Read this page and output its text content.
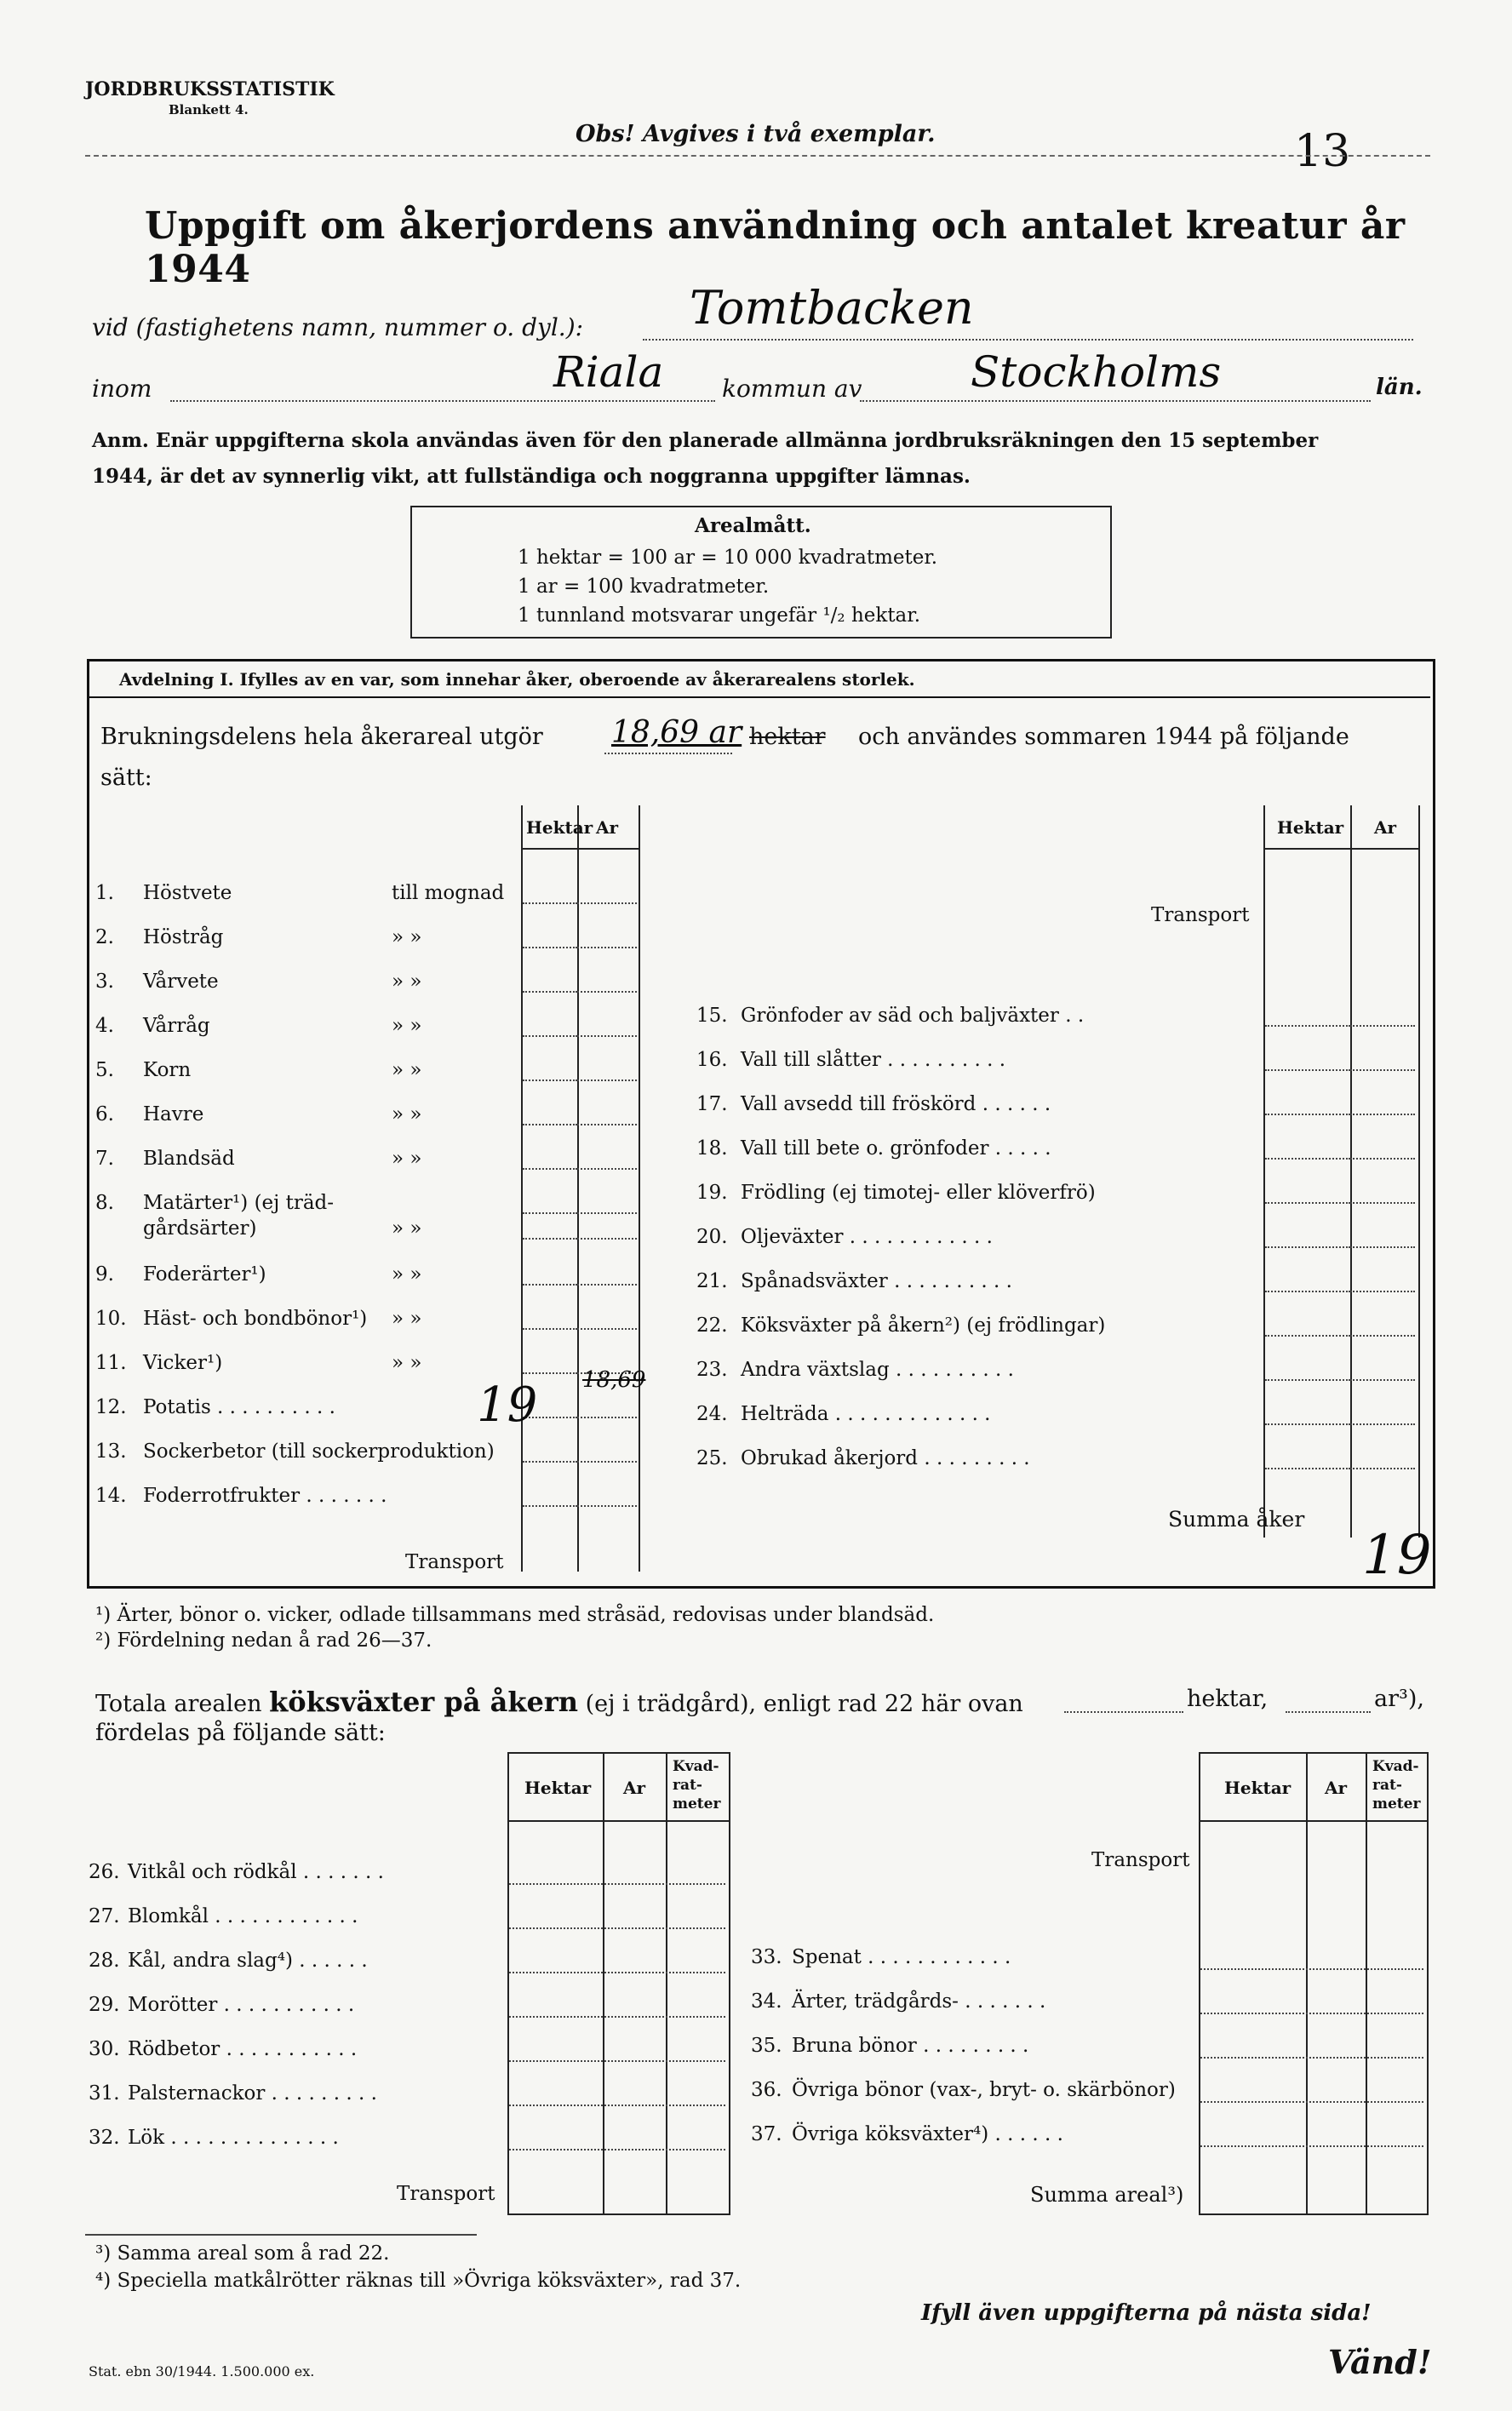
JORDBRUKSSTATISTIK
Blankett 4.
Obs! Avgives i två exemplar.	13
Uppgift om åkerjordens användning och antalet kreatur år 1944
vid (fastighetens namn, nummer o. dyl.): Tomtbacken
inom	Riala kommun av	Stockholms	län.
Anm. Enär uppgifterna skola användas även för den planerade allmänna jordbruksräkningen den 15 september
1944, är det av synnerlig vikt, att fullständiga och noggranna uppgifter lämnas.
Arealmått.
1 hektar = 100 ar = 10 000 kvadratmeter.
1 ar = 100 kvadratmeter.
1 tunnland motsvarar ungefär ¹/₂ hektar.
Avdelning I. Ifylles av en var, som innehar åker, oberoende av åkerarealens storlek.
Brukningsdelens hela åkerareal utgör 18,69 ar hektar och användes sommaren 1944 på följande
sätt:
Hektar Ar
1. Höstvete	till mognad
2. Höstråg	» »
3. Vårvete	» »
4. Vårråg	» »
5. Korn	» »
6. Havre	» »
7. Blandsäd	» »
8. Matärter¹) (ej träd-
gårdsärter)	» »
9. Foderärter¹)	» »
10. Häst- och bondbönor¹) » »
11. Vicker¹)	» »
12. Potatis . . . . . . . . . .	19
13. Sockerbetor (till sockerproduktion)
14. Foderrotfrukter . . . . . . .
18,69
Transport
Hektar Ar
Transport
15. Grönfoder av säd och baljväxter . .
16. Vall till slåtter . . . . . . . . . .
17. Vall avsedd till fröskörd . . . . . .
18. Vall till bete o. grönfoder . . . . .
19. Frödling (ej timotej- eller klöverfrö)
20. Oljeväxter . . . . . . . . . . . .
21. Spånadsväxter . . . . . . . . . .
22. Köksväxter på åkern²) (ej frödlingar)
23. Andra växtslag . . . . . . . . . .
24. Helträda . . . . . . . . . . . . .
25. Obrukad åkerjord . . . . . . . . .
Summa åker
19
¹) Ärter, bönor o. vicker, odlade tillsammans med stråsäd, redovisas under blandsäd.
²) Fördelning nedan å rad 26—37.
Totala arealen köksväxter på åkern (ej i trädgård), enligt rad 22 här ovan	hektar,	ar³),
fördelas på följande sätt:
Hektar Ar
Kvad-
rat-
meter
26. Vitkål och rödkål . . . . . . .
27. Blomkål . . . . . . . . . . . .
28. Kål, andra slag⁴) . . . . . .
29. Morötter . . . . . . . . . . .
30. Rödbetor . . . . . . . . . . .
31. Palsternackor . . . . . . . . .
32. Lök . . . . . . . . . . . . . .
Transport
Hektar Ar
Kvad-
rat-
meter
Transport
33. Spenat . . . . . . . . . . . .
34. Ärter, trädgårds- . . . . . . .
35. Bruna bönor . . . . . . . . .
36. Övriga bönor (vax-, bryt- o. skärbönor)
37. Övriga köksväxter⁴) . . . . . .
Summa areal³)
³) Samma areal som å rad 22.
⁴) Speciella matkålrötter räknas till »Övriga köksväxter», rad 37.
Ifyll även uppgifterna på nästa sida!
Vänd!
Stat. ebn 30/1944. 1.500.000 ex.
